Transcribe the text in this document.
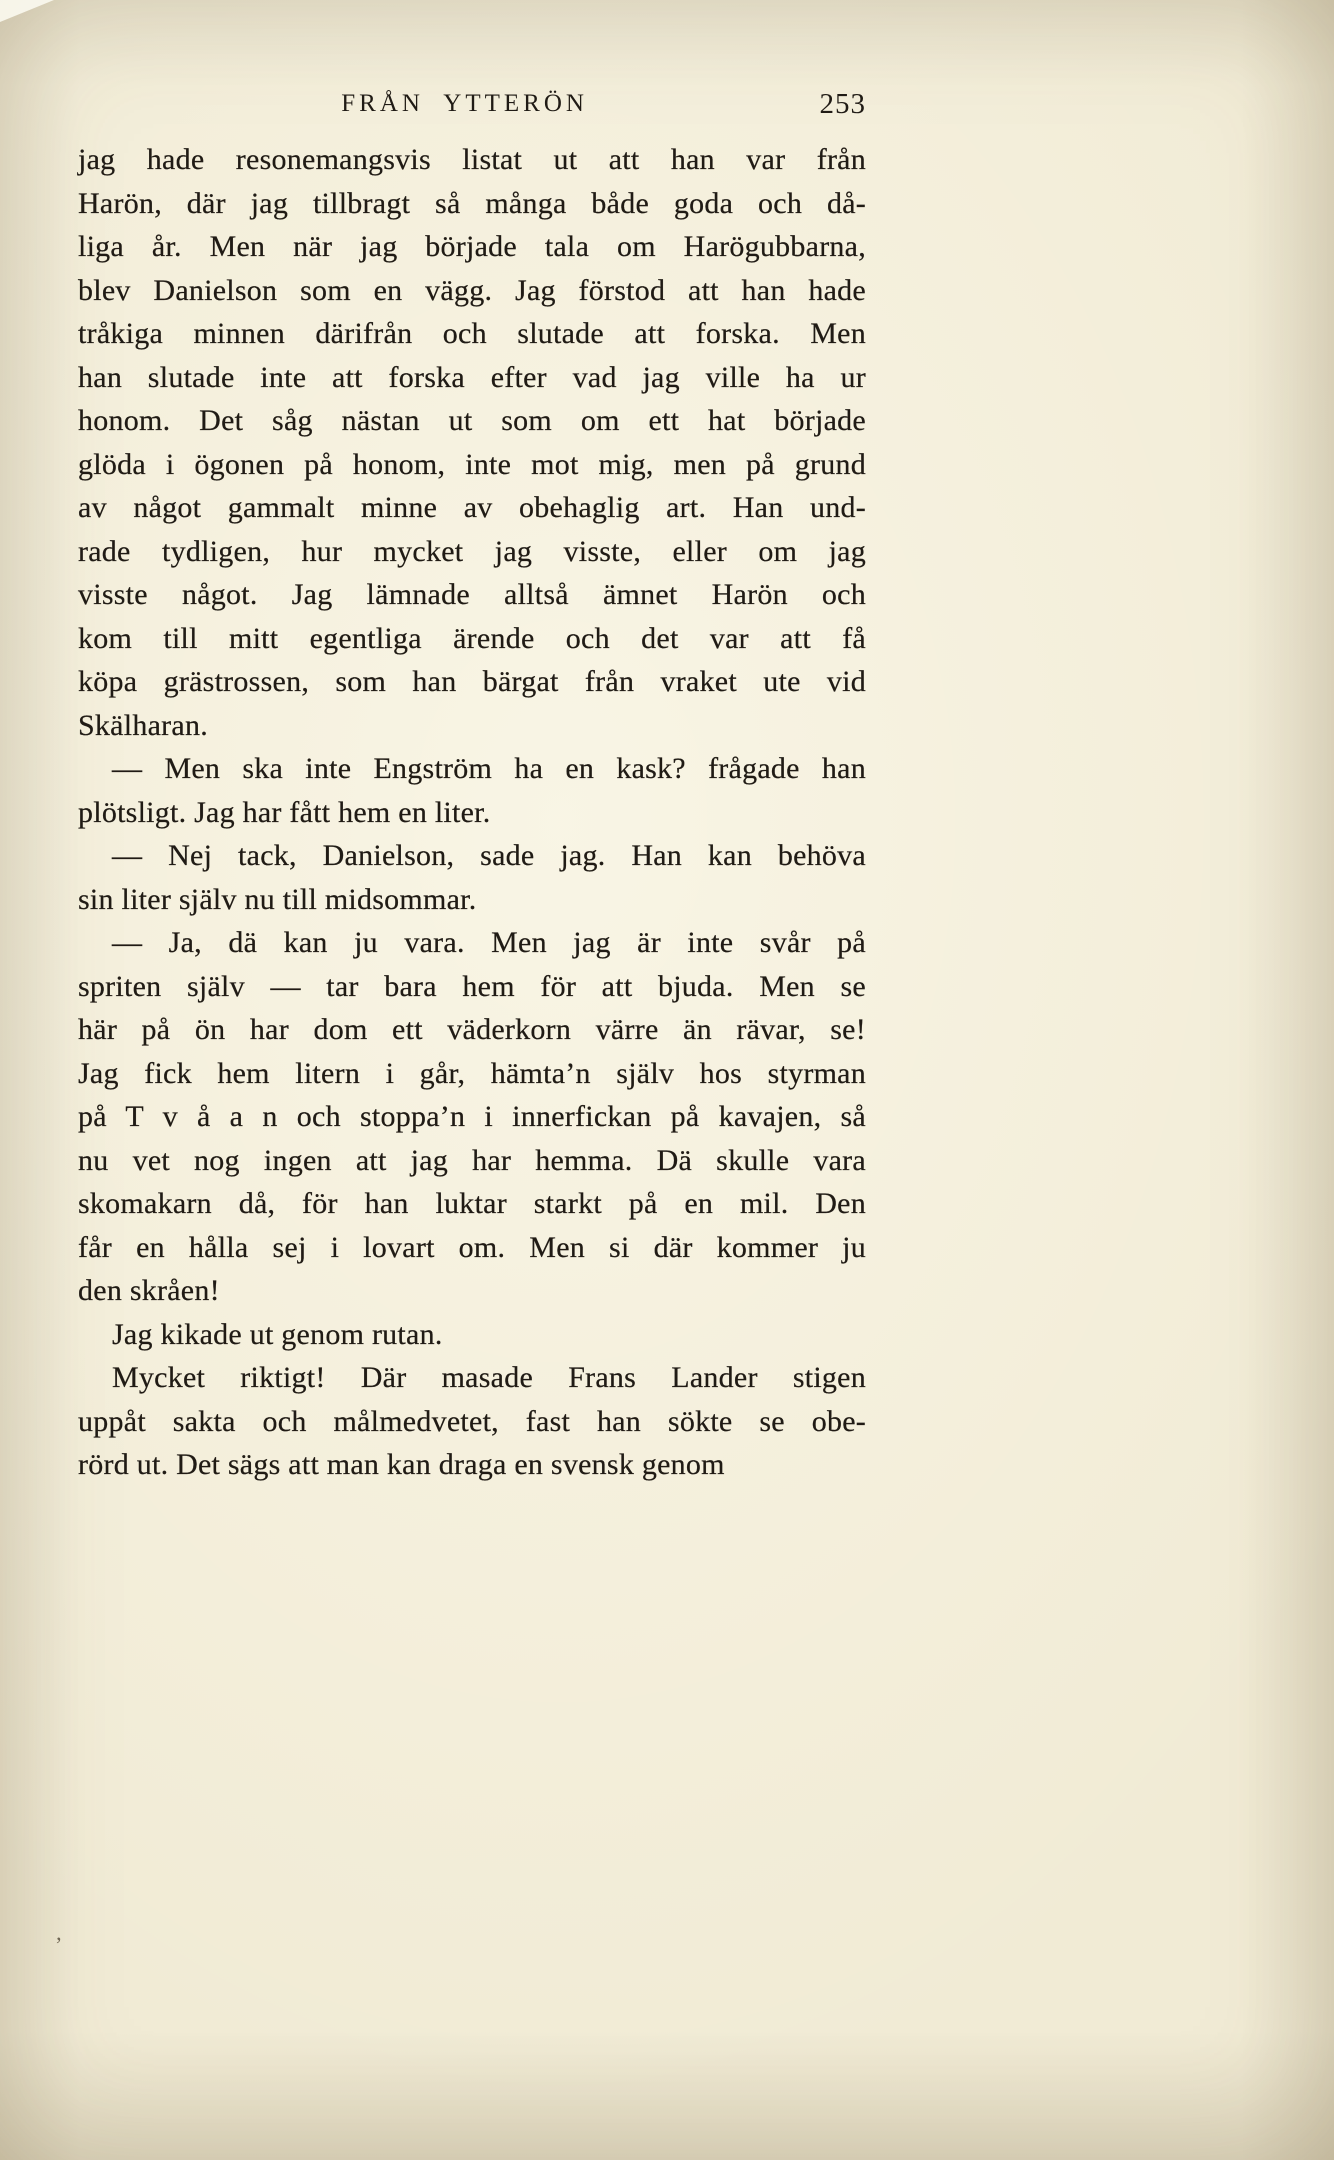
FRÅN YTTERÖN	253

jag hade resonemangsvis listat ut att han var från
Harön, där jag tillbragt så många både goda och då-
liga år. Men när jag började tala om Harögubbarna,
blev Danielson som en vägg. Jag förstod att han hade
tråkiga minnen därifrån och slutade att forska. Men
han slutade inte att forska efter vad jag ville ha ur
honom. Det såg nästan ut som om ett hat började
glöda i ögonen på honom, inte mot mig, men på grund
av något gammalt minne av obehaglig art. Han und-
rade tydligen, hur mycket jag visste, eller om jag
visste något. Jag lämnade alltså ämnet Harön och
kom till mitt egentliga ärende och det var att få
köpa grästrossen, som han bärgat från vraket ute vid
Skälharan.

— Men ska inte Engström ha en kask? frågade han
plötsligt. Jag har fått hem en liter.

— Nej tack, Danielson, sade jag. Han kan behöva
sin liter själv nu till midsommar.

— Ja, dä kan ju vara. Men jag är inte svår på
spriten själv — tar bara hem för att bjuda. Men se
här på ön har dom ett väderkorn värre än rävar, se!
Jag fick hem litern i går, hämta’n själv hos styrman
på T v å a n och stoppa’n i innerfickan på kavajen, så
nu vet nog ingen att jag har hemma. Dä skulle vara
skomakarn då, för han luktar starkt på en mil. Den
får en hålla sej i lovart om. Men si där kommer ju
den skråen!

Jag kikade ut genom rutan.

Mycket riktigt! Där masade Frans Lander stigen
uppåt sakta och målmedvetet, fast han sökte se obe-
rörd ut. Det sägs att man kan draga en svensk genom

’
